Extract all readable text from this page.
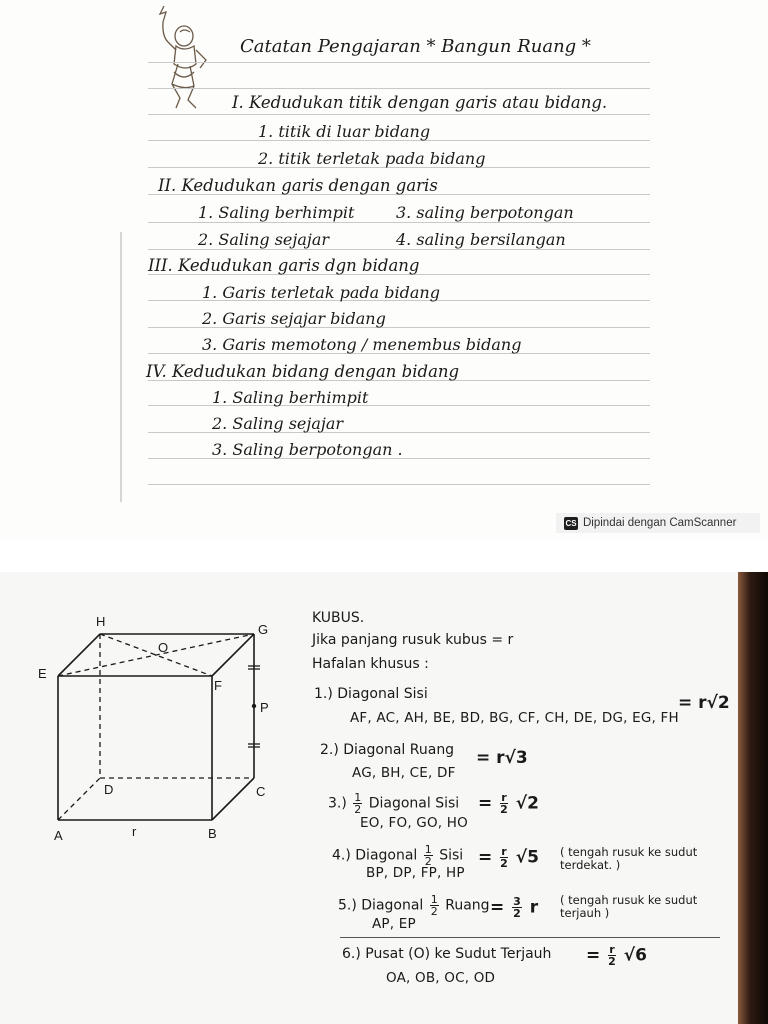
Catatan Pengajaran * Bangun Ruang *
I. Kedudukan titik dengan garis atau bidang.
1. titik di luar bidang
2. titik terletak pada bidang
II. Kedudukan garis dengan garis
1. Saling berhimpit	3. saling berpotongan
2. Saling sejajar	4. saling bersilangan
III. Kedudukan garis dgn bidang
1. Garis terletak pada bidang
2. Garis sejajar bidang
3. Garis memotong / menembus bidang
IV. Kedudukan bidang dengan bidang
1. Saling berhimpit
2. Saling sejajar
3. Saling berpotongan .
CS Dipindai dengan CamScanner
H
G
E
F
O
P
D	C
A	B
r
KUBUS.
Jika panjang rusuk kubus = r
Hafalan khusus :
1.) Diagonal Sisi
AF, AC, AH, BE, BD, BG, CF, CH, DE, DG, EG, FH
= r√2
2.) Diagonal Ruang
AG, BH, CE, DF
= r√3
$3.) \frac{1}{2}$ Diagonal Sisi
EO, FO, GO, HO
= $\frac{r}{2} √2$
4.) Diagonal $\frac{1}{2}$ Sisi
BP, DP, FP, HP
= $\frac{r}{2} √5$ ( tengah rusuk ke sudut terdekat. )
5.) Diagonal $\frac{1}{2}$ Ruang
AP, EP
= $\frac{3}{2}$ r ( tengah rusuk ke sudut terjauh )
6.) Pusat (O) ke Sudut Terjauh
OA, OB, OC, OD
= $\frac{r}{2} √6$
